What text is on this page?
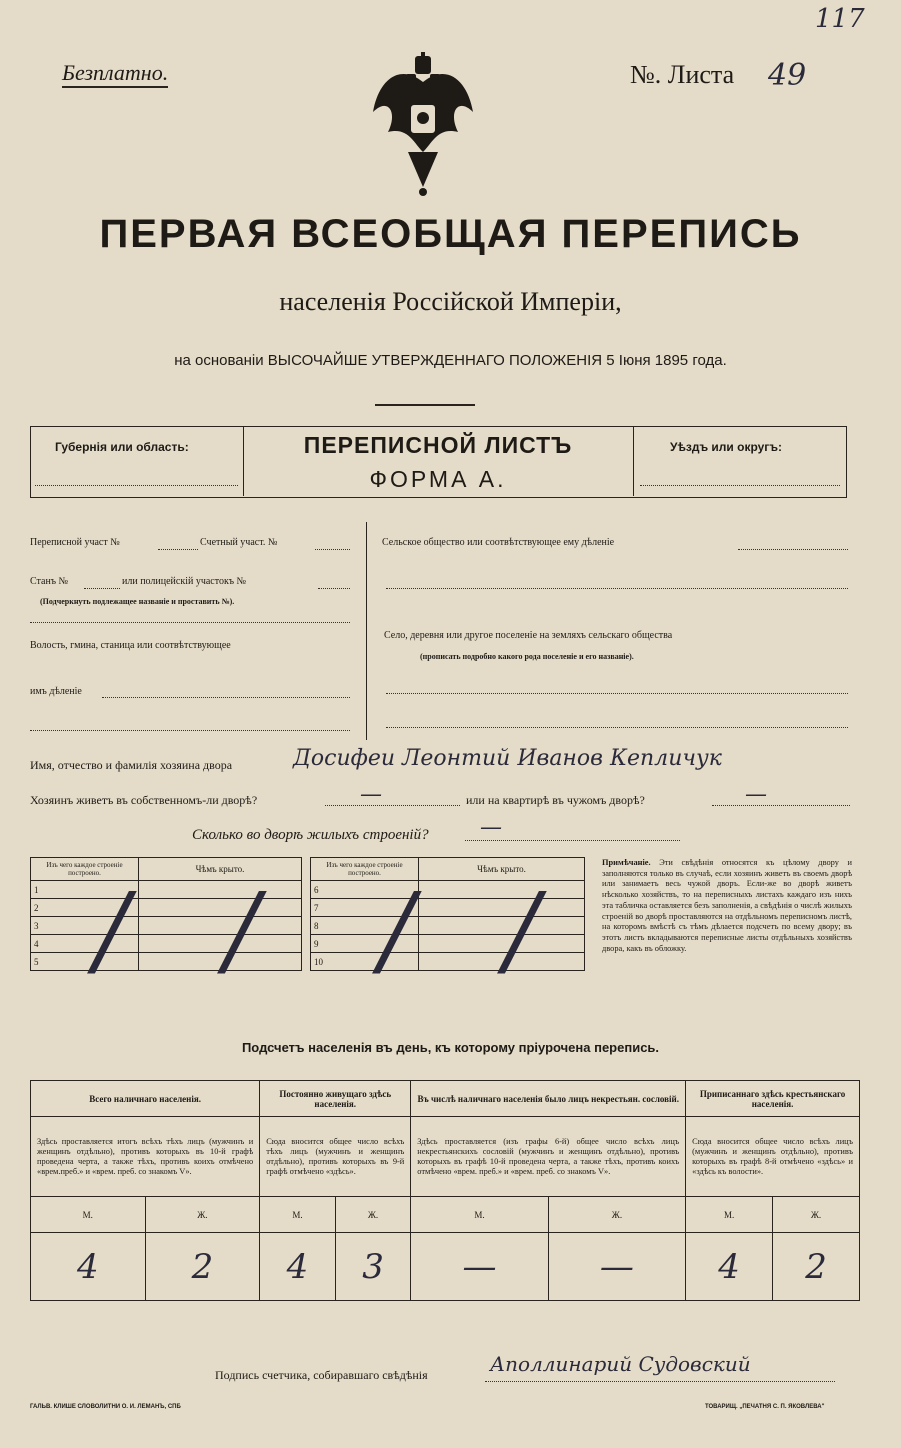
117
Безплатно.	№. Листа 49
ПЕРВАЯ ВСЕОБЩАЯ ПЕРЕПИСЬ
населенія Россійской Имперіи,
на основаніи ВЫСОЧАЙШЕ УТВЕРЖДЕННАГО ПОЛОЖЕНІЯ 5 Іюня 1895 года.
Губернія или область:	ПЕРЕПИСНОЙ ЛИСТЪ
ФОРМА А.
Уѣздъ или округъ:
Переписной участ №	Счетный участ. №
Станъ №	или полицейскій участокъ №
(Подчеркнуть подлежащее названіе и проставить №).
Волость, гмина, станица или соотвѣтствующее
имъ дѣленіе
Сельское общество или соотвѣтствующее ему дѣленіе
Село, деревня или другое поселеніе на земляхъ сельскаго общества
(прописать подробно какого рода поселеніе и его названіе).
Имя, отчество и фамилія хозяина двора	Досифеи Леонтий Иванов Кепличук
Хозяинъ живетъ въ собственномъ-ли дворѣ?	—	или на квартирѣ въ чужомъ дворѣ?	—
Сколько во дворѣ жилыхъ строеній? —
Изъ чего каждое строеніе построено.	Чѣмъ крыто.
1	
2	
3	
4	
5	
Изъ чего каждое строеніе построено.	Чѣмъ крыто.
6	
7	
8	
9	
10	
/ / / /
Примѣчаніе. Эти свѣдѣнія относятся къ цѣлому двору и заполняются только въ случаѣ, если хозяинъ живетъ въ своемъ дворѣ или занимаетъ весь чужой дворъ. Если-же во дворѣ живетъ нѣсколько хозяйствъ, то на переписныхъ листахъ каждаго изъ нихъ эта табличка оставляется безъ заполненія, а свѣдѣнія о числѣ жилыхъ строеній во дворѣ проставляются на отдѣльномъ переписномъ листѣ, на которомъ вмѣстѣ съ тѣмъ дѣлается подсчетъ по всему двору; въ этотъ листъ вкладываются переписные листы отдѣльныхъ хозяйствъ двора, какъ въ обложку.
Подсчетъ населенія въ день, къ которому пріурочена перепись.
Всего наличнаго населенія.		Постоянно живущаго здѣсь населенія.		Въ числѣ наличнаго населенія было лицъ некрестьян. сословій.		Приписаннаго здѣсь крестьянскаго населенія.	
Здѣсь проставляется итогъ всѣхъ тѣхъ лицъ (мужчинъ и женщинъ отдѣльно), противъ которыхъ въ 10-й графѣ проведена черта, а также тѣхъ, противъ коихъ отмѣчено «врем.преб.» и «врем. преб. со знакомъ V».		Сюда вносится общее число всѣхъ тѣхъ лицъ (мужчинъ и женщинъ отдѣльно), противъ которыхъ въ 9-й графѣ отмѣчено «здѣсь».		Здѣсь проставляется (изъ графы 6-й) общее число всѣхъ лицъ некрестьянскихъ сословій (мужчинъ и женщинъ отдѣльно), противъ которыхъ въ графѣ 10-й проведена черта, а также тѣхъ, противъ коихъ отмѣчено «врем. преб.» и «врем. преб. со знакомъ V».		Сюда вносится общее число всѣхъ лицъ (мужчинъ и женщинъ отдѣльно), противъ которыхъ въ графѣ 8-й отмѣчено «здѣсь» и «здѣсь къ волости».	
М.	Ж.	М.	Ж.	М.	Ж.	М.	Ж.
4	2	4	3	—	—	4	2
Подпись счетчика, собиравшаго свѣдѣнія	Аполлинарий Судовский
ГАЛЬВ. КЛИШЕ СЛОВОЛИТНИ О. И. ЛЕМАНЪ, СПБ	ТОВАРИЩ. „ПЕЧАТНЯ С. П. ЯКОВЛЕВА"
